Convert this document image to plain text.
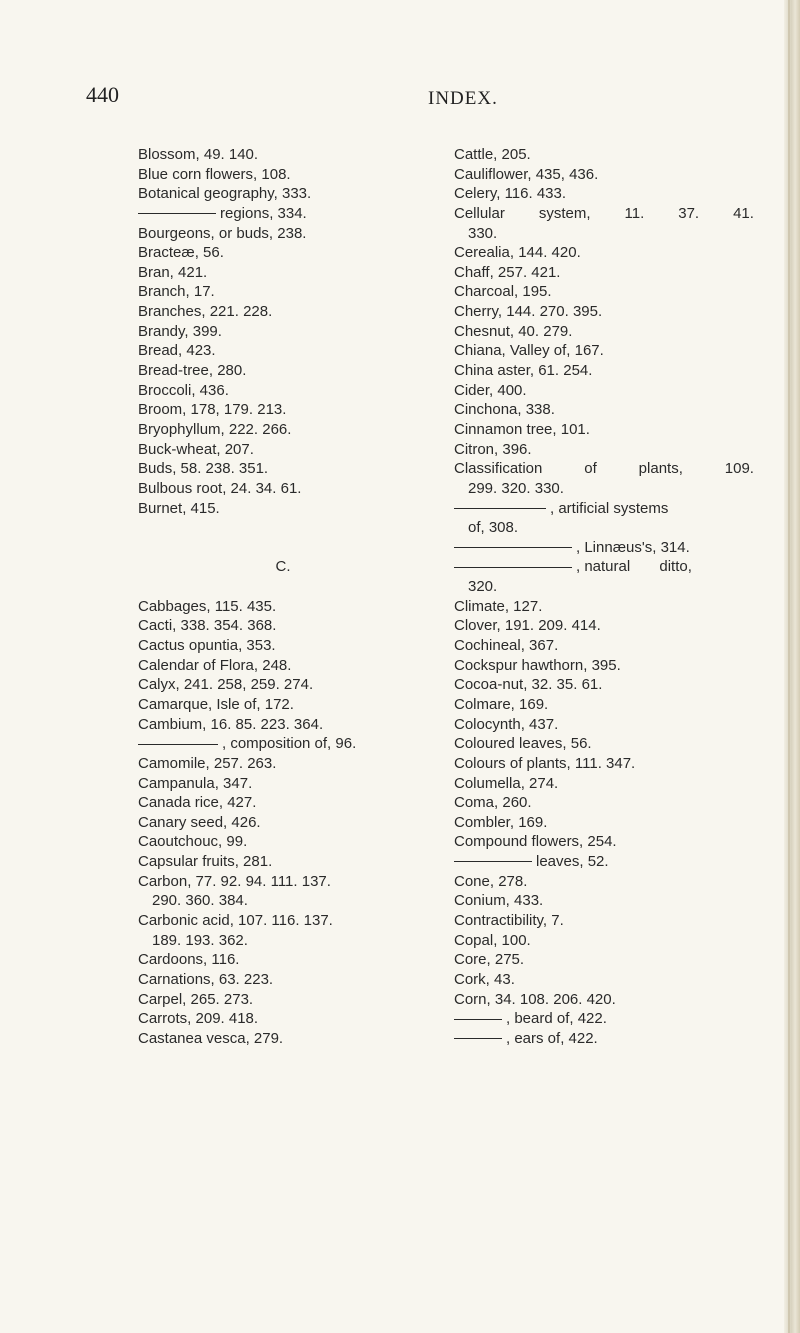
440	INDEX.
Blossom, 49. 140.
Blue corn flowers, 108.
Botanical geography, 333.
regions, 334.
Bourgeons, or buds, 238.
Bracteæ, 56.
Bran, 421.
Branch, 17.
Branches, 221. 228.
Brandy, 399.
Bread, 423.
Bread-tree, 280.
Broccoli, 436.
Broom, 178, 179. 213.
Bryophyllum, 222. 266.
Buck-wheat, 207.
Buds, 58. 238. 351.
Bulbous root, 24. 34. 61.
Burnet, 415.
C.
Cabbages, 115. 435.
Cacti, 338. 354. 368.
Cactus opuntia, 353.
Calendar of Flora, 248.
Calyx, 241. 258, 259. 274.
Camarque, Isle of, 172.
Cambium, 16. 85. 223. 364.
, composition of, 96.
Camomile, 257. 263.
Campanula, 347.
Canada rice, 427.
Canary seed, 426.
Caoutchouc, 99.
Capsular fruits, 281.
Carbon, 77. 92. 94. 111. 137.
290. 360. 384.
Carbonic acid, 107. 116. 137.
189. 193. 362.
Cardoons, 116.
Carnations, 63. 223.
Carpel, 265. 273.
Carrots, 209. 418.
Castanea vesca, 279.
Cattle, 205.
Cauliflower, 435, 436.
Celery, 116. 433.
Cellular system, 11. 37. 41.
330.
Cerealia, 144. 420.
Chaff, 257. 421.
Charcoal, 195.
Cherry, 144. 270. 395.
Chesnut, 40. 279.
Chiana, Valley of, 167.
China aster, 61. 254.
Cider, 400.
Cinchona, 338.
Cinnamon tree, 101.
Citron, 396.
Classification	of	plants,	109.
299. 320. 330.
, artificial systems
of, 308.
, Linnæus's, 314.
, natural       ditto,
320.
Climate, 127.
Clover, 191. 209. 414.
Cochineal, 367.
Cockspur hawthorn, 395.
Cocoa-nut, 32. 35. 61.
Colmare, 169.
Colocynth, 437.
Coloured leaves, 56.
Colours of plants, 111. 347.
Columella, 274.
Coma, 260.
Combler, 169.
Compound flowers, 254.
leaves, 52.
Cone, 278.
Conium, 433.
Contractibility, 7.
Copal, 100.
Core, 275.
Cork, 43.
Corn, 34. 108. 206. 420.
, beard of, 422.
, ears of, 422.
